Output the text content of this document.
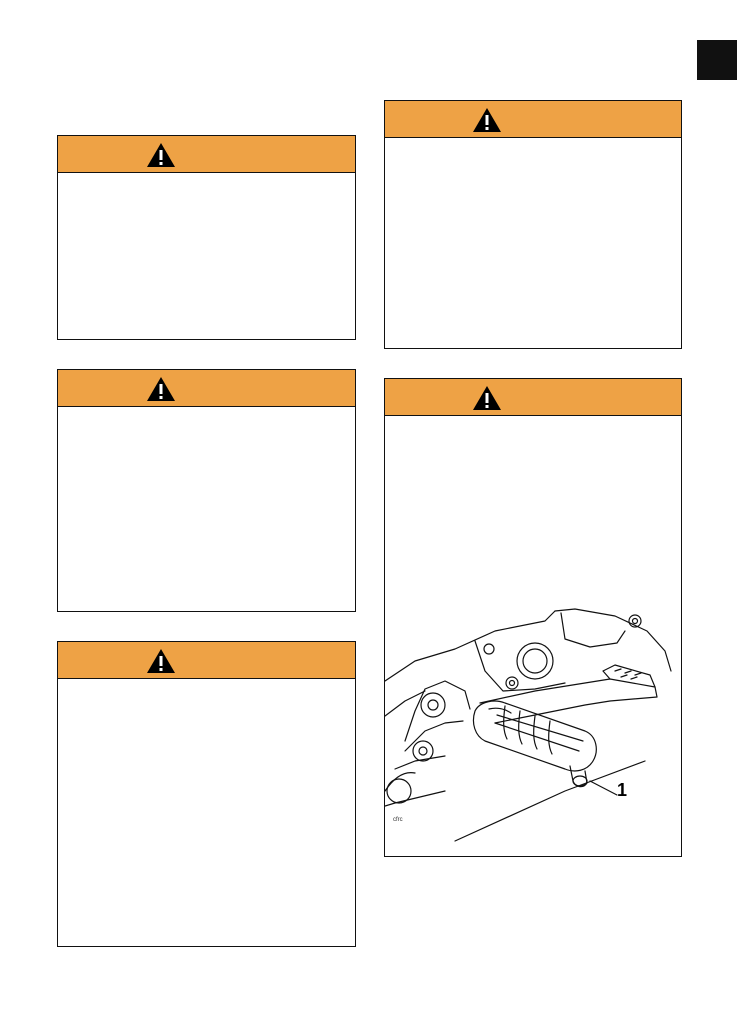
1
cfrc
